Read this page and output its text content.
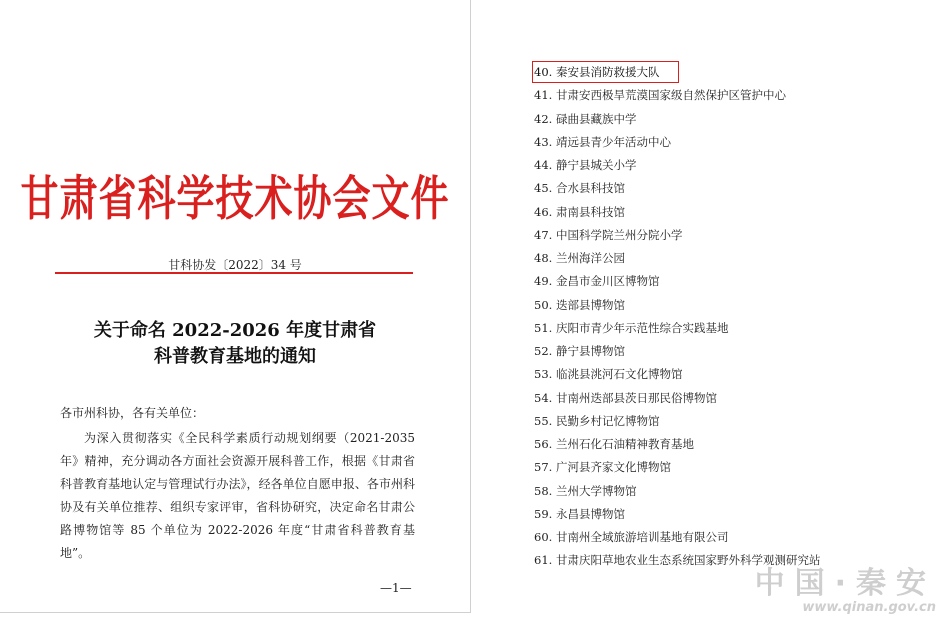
甘肃省科学技术协会文件
甘科协发〔2022〕34 号
关于命名 2022-2026 年度甘肃省
科普教育基地的通知
各市州科协，各有关单位：
为深入贯彻落实《全民科学素质行动规划纲要（2021-2035年》精神，充分调动各方面社会资源开展科普工作，根据《甘肃省科普教育基地认定与管理试行办法》，经各单位自愿申报、各市州科协及有关单位推荐、组织专家评审，省科协研究，决定命名甘肃公路博物馆等 85 个单位为 2022-2026 年度“甘肃省科普教育基地”。
—1—
40. 秦安县消防救援大队
41. 甘肃安西极旱荒漠国家级自然保护区管护中心
42. 碌曲县藏族中学
43. 靖远县青少年活动中心
44. 静宁县城关小学
45. 合水县科技馆
46. 肃南县科技馆
47. 中国科学院兰州分院小学
48. 兰州海洋公园
49. 金昌市金川区博物馆
50. 迭部县博物馆
51. 庆阳市青少年示范性综合实践基地
52. 静宁县博物馆
53. 临洮县洮河石文化博物馆
54. 甘南州迭部县茨日那民俗博物馆
55. 民勤乡村记忆博物馆
56. 兰州石化石油精神教育基地
57. 广河县齐家文化博物馆
58. 兰州大学博物馆
59. 永昌县博物馆
60. 甘南州全域旅游培训基地有限公司
61. 甘肃庆阳草地农业生态系统国家野外科学观测研究站
中国·秦安
www.qinan.gov.cn
